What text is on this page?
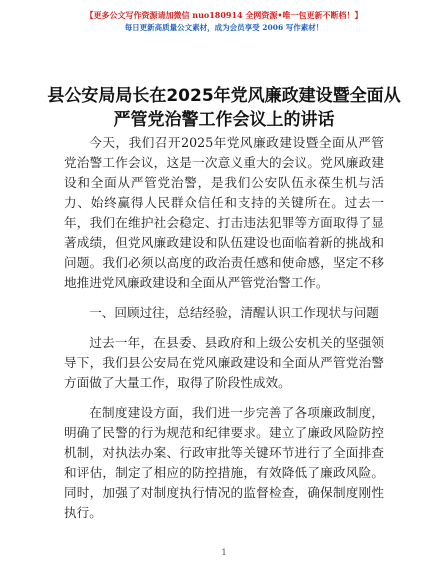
【更多公文写作资源请加微信 nuo180914 全网资源•唯一包更新不断档！】
每日更新高质量公文素材，成为会员享受 2006 写作素材！
县公安局局长在2025年党风廉政建设暨全面从严管党治警工作会议上的讲话

今天，我们召开2025年党风廉政建设暨全面从严管党治警工作会议，这是一次意义重大的会议。党风廉政建设和全面从严管党治警，是我们公安队伍永葆生机与活力、始终赢得人民群众信任和支持的关键所在。过去一年，我们在维护社会稳定、打击违法犯罪等方面取得了显著成绩，但党风廉政建设和队伍建设也面临着新的挑战和问题。我们必须以高度的政治责任感和使命感，坚定不移地推进党风廉政建设和全面从严管党治警工作。

一、回顾过往，总结经验，清醒认识工作现状与问题

过去一年，在县委、县政府和上级公安机关的坚强领导下，我们县公安局在党风廉政建设和全面从严管党治警方面做了大量工作，取得了阶段性成效。

在制度建设方面，我们进一步完善了各项廉政制度，明确了民警的行为规范和纪律要求。建立了廉政风险防控机制，对执法办案、行政审批等关键环节进行了全面排查和评估，制定了相应的防控措施，有效降低了廉政风险。同时，加强了对制度执行情况的监督检查，确保制度刚性执行。

1
